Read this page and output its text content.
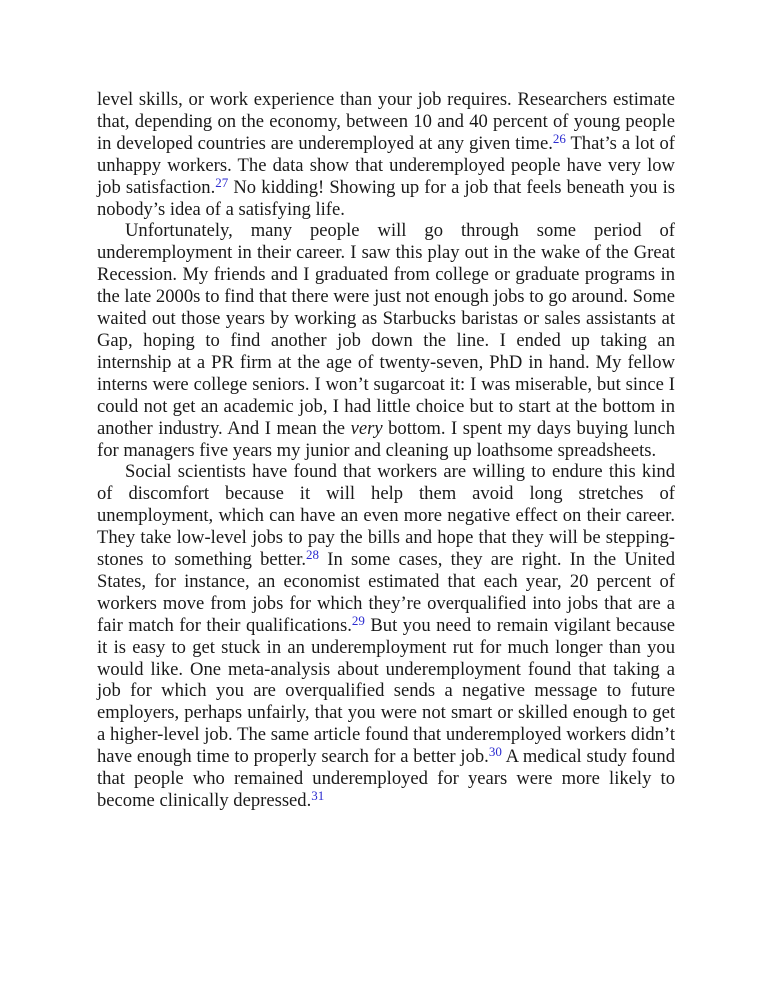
level skills, or work experience than your job requires. Researchers estimate that, depending on the economy, between 10 and 40 percent of young people in developed countries are underemployed at any given time.$^{26}$ That’s a lot of unhappy workers. The data show that underemployed people have very low job satisfaction.$^{27}$ No kidding! Showing up for a job that feels beneath you is nobody’s idea of a satisfying life.

Unfortunately, many people will go through some period of underemployment in their career. I saw this play out in the wake of the Great Recession. My friends and I graduated from college or graduate programs in the late 2000s to find that there were just not enough jobs to go around. Some waited out those years by working as Starbucks baristas or sales assistants at Gap, hoping to find another job down the line. I ended up taking an internship at a PR firm at the age of twenty-seven, PhD in hand. My fellow interns were college seniors. I won’t sugarcoat it: I was miserable, but since I could not get an academic job, I had little choice but to start at the bottom in another industry. And I mean the very bottom. I spent my days buying lunch for managers five years my junior and cleaning up loathsome spreadsheets.

Social scientists have found that workers are willing to endure this kind of discomfort because it will help them avoid long stretches of unemployment, which can have an even more negative effect on their career. They take low-level jobs to pay the bills and hope that they will be stepping-stones to something better.$^{28}$ In some cases, they are right. In the United States, for instance, an economist estimated that each year, 20 percent of workers move from jobs for which they’re overqualified into jobs that are a fair match for their qualifications.$^{29}$ But you need to remain vigilant because it is easy to get stuck in an underemployment rut for much longer than you would like. One meta-analysis about underemployment found that taking a job for which you are overqualified sends a negative message to future employers, perhaps unfairly, that you were not smart or skilled enough to get a higher-level job. The same article found that underemployed workers didn’t have enough time to properly search for a better job.$^{30}$ A medical study found that people who remained underemployed for years were more likely to become clinically depressed.$^{31}$
